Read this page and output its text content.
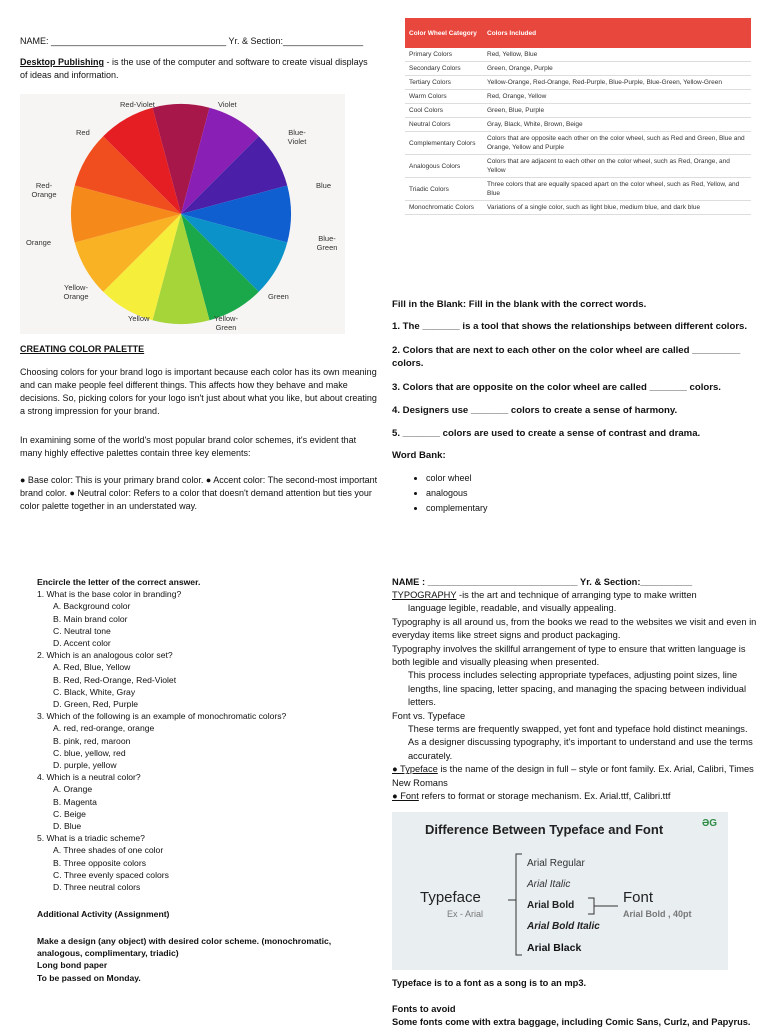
NAME: ___________________________________ Yr. & Section:________________
Desktop Publishing - is the use of the computer and software to create visual displays of ideas and information.
Red-Violet	Violet
Blue-Violet
Blue
Blue-Green
Green
Yellow-Green
Yellow
Yellow-Orange
Orange
Red-Orange
Red
CREATING COLOR PALETTE
Choosing colors for your brand logo is important because each color has its own meaning and can make people feel different things. This affects how they behave and make decisions. So, picking colors for your logo isn't just about what you like, but about creating a strong impression for your brand.
In examining some of the world's most popular brand color schemes, it's evident that many highly effective palettes contain three key elements:
● Base color: This is your primary brand color. ● Accent color: The second-most important brand color. ● Neutral color: Refers to a color that doesn't demand attention but ties your color palette together in an understated way.
Color Wheel Category	Colors Included
Primary Colors	Red, Yellow, Blue
Secondary Colors	Green, Orange, Purple
Tertiary Colors	Yellow-Orange, Red-Orange, Red-Purple, Blue-Purple, Blue-Green, Yellow-Green
Warm Colors	Red, Orange, Yellow
Cool Colors	Green, Blue, Purple
Neutral Colors	Gray, Black, White, Brown, Beige
Complementary Colors	Colors that are opposite each other on the color wheel, such as Red and Green, Blue and Orange, Yellow and Purple
Analogous Colors	Colors that are adjacent to each other on the color wheel, such as Red, Orange, and Yellow
Triadic Colors	Three colors that are equally spaced apart on the color wheel, such as Red, Yellow, and Blue
Monochromatic Colors	Variations of a single color, such as light blue, medium blue, and dark blue
Fill in the Blank: Fill in the blank with the correct words.
1. The _______ is a tool that shows the relationships between different colors.
2. Colors that are next to each other on the color wheel are called _________ colors.
3. Colors that are opposite on the color wheel are called _______ colors.
4. Designers use _______ colors to create a sense of harmony.
5. _______ colors are used to create a sense of contrast and drama.
Word Bank:
• color wheel
• analogous
• complementary
Encircle the letter of the correct answer.
1. What is the base color in branding?
A. Background color
B. Main brand color
C. Neutral tone
D. Accent color
2. Which is an analogous color set?
A. Red, Blue, Yellow
B. Red, Red-Orange, Red-Violet
C. Black, White, Gray
D. Green, Red, Purple
3. Which of the following is an example of monochromatic colors?
A. red, red-orange, orange
B. pink, red, maroon
C. blue, yellow, red
D. purple, yellow
4. Which is a neutral color?
A. Orange
B. Magenta
C. Beige
D. Blue
5. What is a triadic scheme?
A. Three shades of one color
B. Three opposite colors
C. Three evenly spaced colors
D. Three neutral colors
Additional Activity (Assignment)
Make a design (any object) with desired color scheme. (monochromatic, analogous, complimentary, triadic)
Long bond paper
To be passed on Monday.
NAME : _____________________________ Yr. & Section:__________
TYPOGRAPHY -is the art and technique of arranging type to make written
language legible, readable, and visually appealing.
Typography is all around us, from the books we read to the websites we visit and even in everyday items like street signs and product packaging.
Typography involves the skillful arrangement of type to ensure that written language is both legible and visually pleasing when presented.
This process includes selecting appropriate typefaces, adjusting point sizes, line lengths, line spacing, letter spacing, and managing the spacing between individual letters.
Font vs. Typeface
These terms are frequently swapped, yet font and typeface hold distinct meanings. As a designer discussing typography, it's important to understand and use the terms accurately.
● Typeface is the name of the design in full – style or font family. Ex. Arial, Calibri, Times New Romans
● Font refers to format or storage mechanism. Ex. Arial.ttf, Calibri.ttf
Difference Between Typeface and Font	ƏG
Typeface
Ex - Arial
Arial Regular
Arial Italic
Arial Bold
Arial Bold Italic
Arial Black
Font
Arial Bold , 40pt
Typeface is to a font as a song is to an mp3.
Fonts to avoid
Some fonts come with extra baggage, including Comic Sans, Curlz, and Papyrus.
